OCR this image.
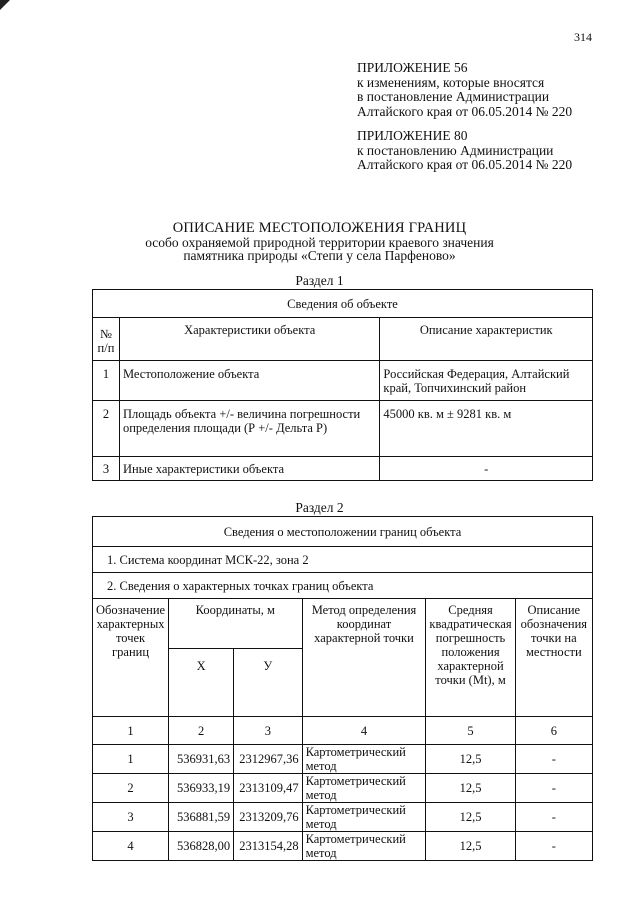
314
ПРИЛОЖЕНИЕ 56
к изменениям, которые вносятся
в постановление Администрации
Алтайского края от 06.05.2014 № 220
ПРИЛОЖЕНИЕ 80
к постановлению Администрации
Алтайского края от 06.05.2014 № 220
ОПИСАНИЕ МЕСТОПОЛОЖЕНИЯ ГРАНИЦ
особо охраняемой природной территории краевого значения
памятника природы «Степи у села Парфеново»
Раздел 1
Сведения об объекте		
№ п/п	Характеристики объекта	Описание характеристик
1	Местоположение объекта	Российская Федерация, Алтайский край, Топчихинский район
2	Площадь объекта +/- величина погрешности определения площади (Р +/- Дельта Р)	45000 кв. м ± 9281 кв. м
3	Иные характеристики объекта	-
Раздел 2
Сведения о местоположении границ объекта					
1. Система координат МСК-22, зона 2					
2. Сведения о характерных точках границ объекта					
Обозначение характерных точек границ	Координаты, м		Метод определения координат характерной точки	Средняя квадратическая погрешность положения характерной точки (Мt), м	Описание обозначения точки на местности
	Х	У			
1	2	3	4	5	6
1	536931,63	2312967,36	Картометрический метод	12,5	-
2	536933,19	2313109,47	Картометрический метод	12,5	-
3	536881,59	2313209,76	Картометрический метод	12,5	-
4	536828,00	2313154,28	Картометрический метод	12,5	-
